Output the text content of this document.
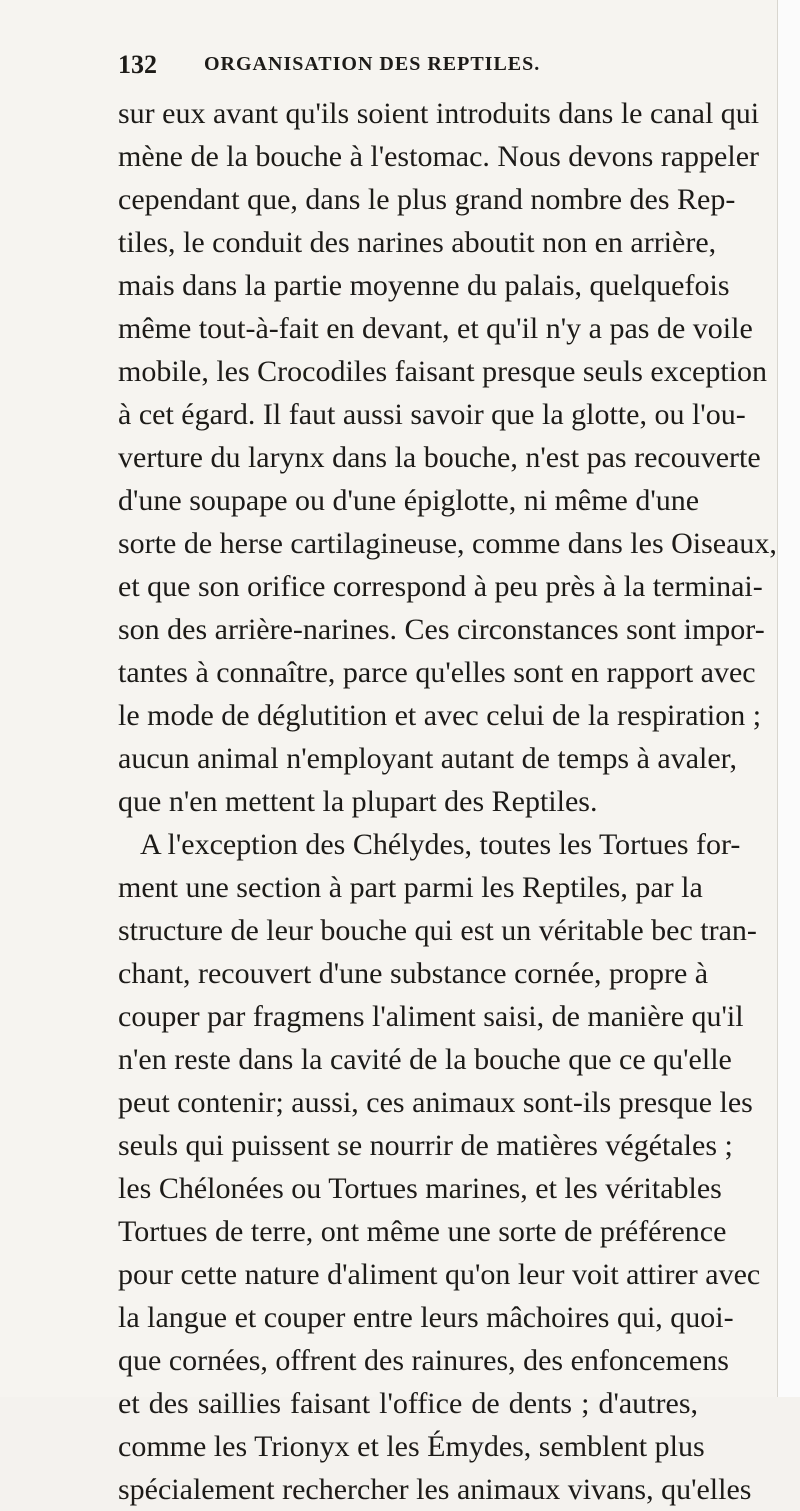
132 ORGANISATION DES REPTILES.
sur eux avant qu'ils soient introduits dans le canal qui
mène de la bouche à l'estomac. Nous devons rappeler
cependant que, dans le plus grand nombre des Rep-
tiles, le conduit des narines aboutit non en arrière,
mais dans la partie moyenne du palais, quelquefois
même tout-à-fait en devant, et qu'il n'y a pas de voile
mobile, les Crocodiles faisant presque seuls exception
à cet égard. Il faut aussi savoir que la glotte, ou l'ou-
verture du larynx dans la bouche, n'est pas recouverte
d'une soupape ou d'une épiglotte, ni même d'une
sorte de herse cartilagineuse, comme dans les Oiseaux,
et que son orifice correspond à peu près à la terminai-
son des arrière-narines. Ces circonstances sont impor-
tantes à connaître, parce qu'elles sont en rapport avec
le mode de déglutition et avec celui de la respiration ;
aucun animal n'employant autant de temps à avaler,
que n'en mettent la plupart des Reptiles.
A l'exception des Chélydes, toutes les Tortues for-
ment une section à part parmi les Reptiles, par la
structure de leur bouche qui est un véritable bec tran-
chant, recouvert d'une substance cornée, propre à
couper par fragmens l'aliment saisi, de manière qu'il
n'en reste dans la cavité de la bouche que ce qu'elle
peut contenir; aussi, ces animaux sont-ils presque les
seuls qui puissent se nourrir de matières végétales ;
les Chélonées ou Tortues marines, et les véritables
Tortues de terre, ont même une sorte de préférence
pour cette nature d'aliment qu'on leur voit attirer avec
la langue et couper entre leurs mâchoires qui, quoi-
que cornées, offrent des rainures, des enfoncemens
et des saillies faisant l'office de dents ; d'autres,
comme les Trionyx et les Émydes, semblent plus
spécialement rechercher les animaux vivans, qu'elles
